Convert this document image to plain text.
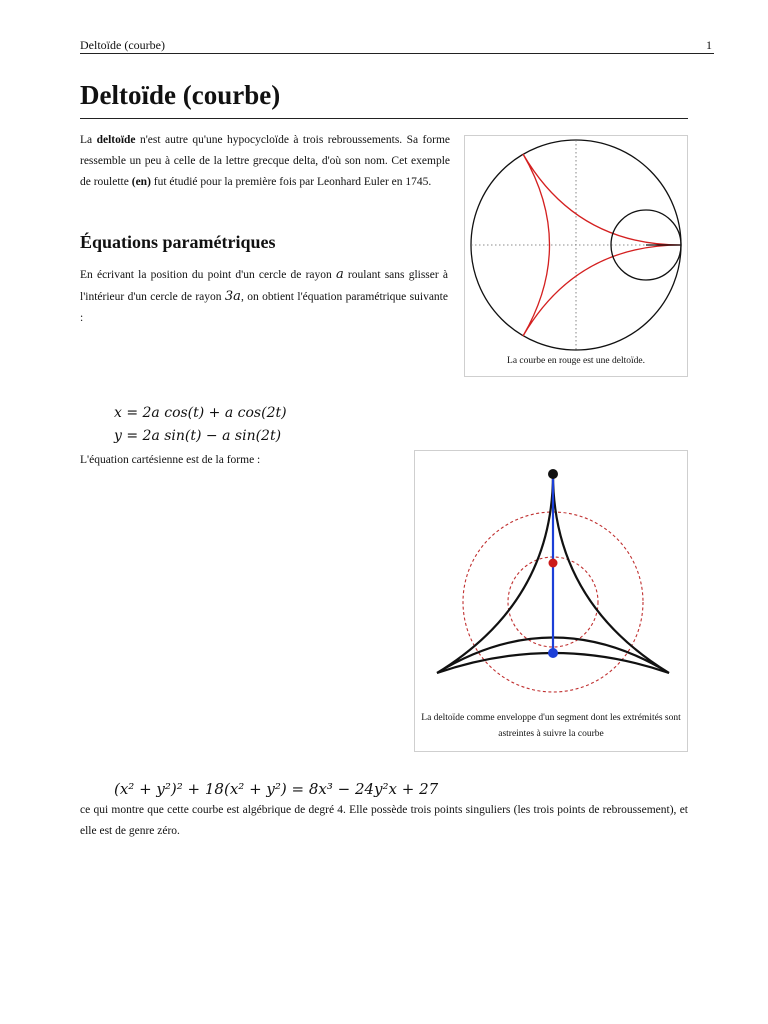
Deltoïde (courbe)	1
Deltoïde (courbe)

La deltoïde n'est autre qu'une hypocycloïde à trois rebroussements. Sa forme ressemble un peu à celle de la lettre grecque delta, d'où son nom. Cet exemple de roulette (en) fut étudié pour la première fois par Leonhard Euler en 1745.

Équations paramétriques

En écrivant la position du point d'un cercle de rayon a roulant sans glisser à l'intérieur d'un cercle de rayon 3a, on obtient l'équation paramétrique suivante :

x = 2a cos(t) + a cos(2t)
y = 2a sin(t) − a sin(2t)

L'équation cartésienne est de la forme :

(x² + y²)² + 18(x² + y²) = 8x³ − 24y²x + 27

ce qui montre que cette courbe est algébrique de degré 4. Elle possède trois points singuliers (les trois points de rebroussement), et elle est de genre zéro.

La courbe en rouge est une deltoïde.

La deltoïde comme enveloppe d'un segment dont les extrémités sont astreintes à suivre la courbe
